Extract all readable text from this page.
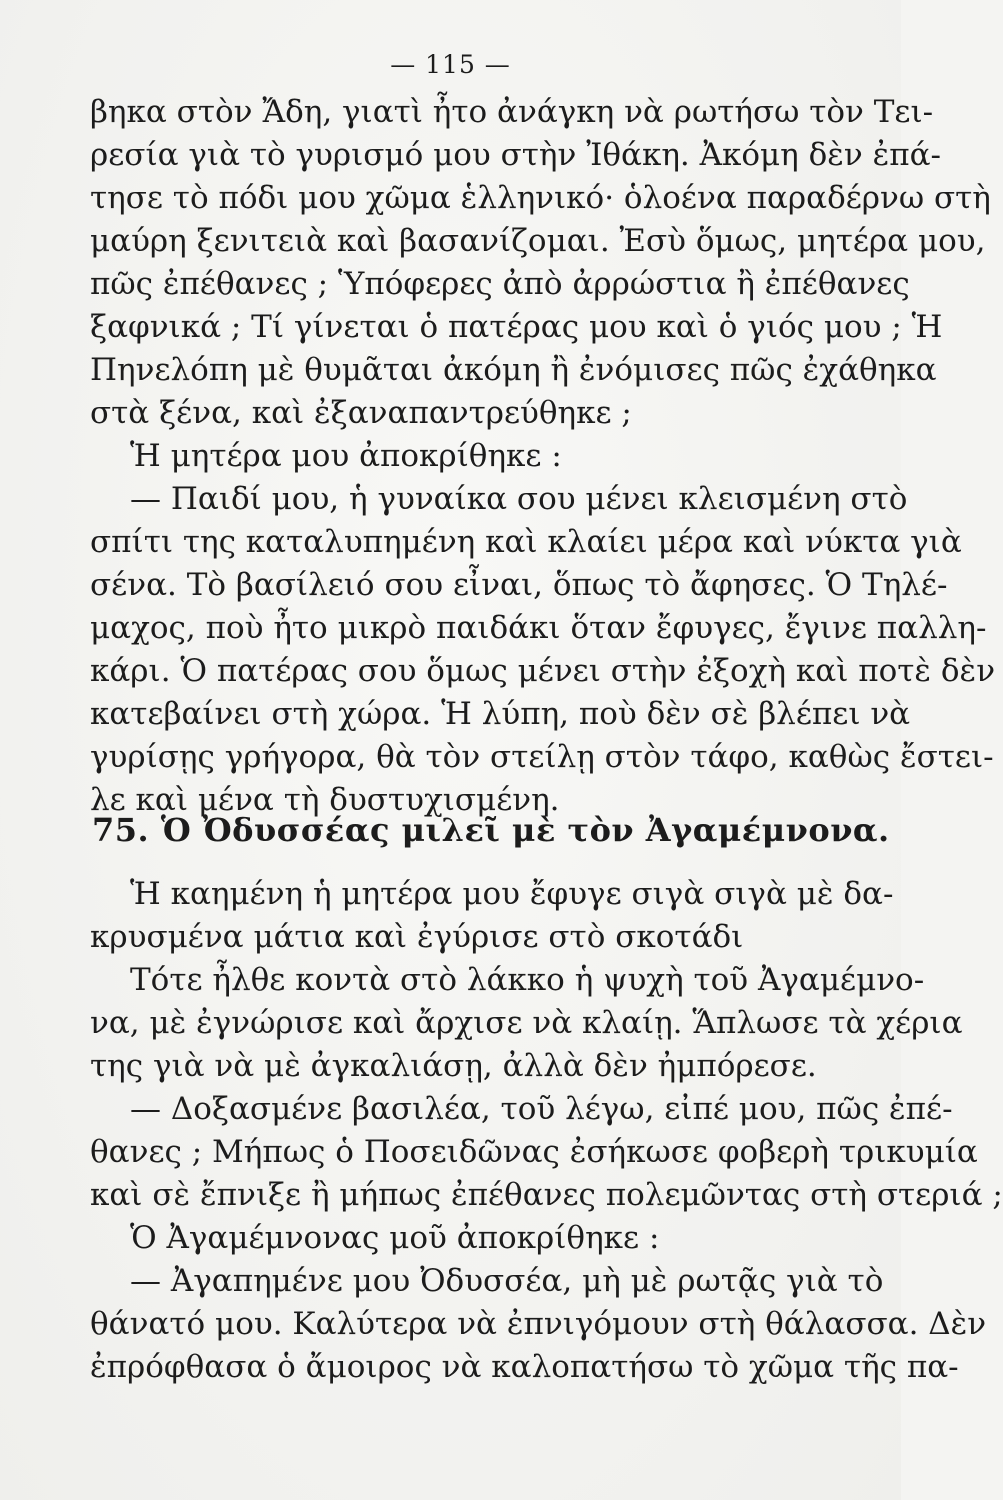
— 115 —
βηκα στὸν Ἄδη, γιατὶ ἦτο ἀνάγκη νὰ ρωτήσω τὸν Τει-
ρεσία γιὰ τὸ γυρισμό μου στὴν Ἰθάκη. Ἀκόμη δὲν ἐπά-
τησε τὸ πόδι μου χῶμα ἑλληνικό· ὁλοένα παραδέρνω στὴ
μαύρη ξενιτειὰ καὶ βασανίζομαι. Ἐσὺ ὅμως, μητέρα μου,
πῶς ἐπέθανες ; Ὑπόφερες ἀπὸ ἀρρώστια ἢ ἐπέθανες
ξαφνικά ; Τί γίνεται ὁ πατέρας μου καὶ ὁ γιός μου ; Ἡ
Πηνελόπη μὲ θυμᾶται ἀκόμη ἢ ἐνόμισες πῶς ἐχάθηκα
στὰ ξένα, καὶ ἐξαναπαντρεύθηκε ;
Ἡ μητέρα μου ἀποκρίθηκε :
— Παιδί μου, ἡ γυναίκα σου μένει κλεισμένη στὸ
σπίτι της καταλυπημένη καὶ κλαίει μέρα καὶ νύκτα γιὰ
σένα. Τὸ βασίλειό σου εἶναι, ὅπως τὸ ἄφησες. Ὁ Τηλέ-
μαχος, ποὺ ἦτο μικρὸ παιδάκι ὅταν ἔφυγες, ἔγινε παλλη-
κάρι. Ὁ πατέρας σου ὅμως μένει στὴν ἐξοχὴ καὶ ποτὲ δὲν
κατεβαίνει στὴ χώρα. Ἡ λύπη, ποὺ δὲν σὲ βλέπει νὰ
γυρίσῃς γρήγορα, θὰ τὸν στείλῃ στὸν τάφο, καθὼς ἔστει-
λε καὶ μένα τὴ δυστυχισμένη.
75. Ὁ Ὀδυσσέας μιλεῖ μὲ τὸν Ἀγαμέμνονα.
Ἡ καημένη ἡ μητέρα μου ἔφυγε σιγὰ σιγὰ μὲ δα-
κρυσμένα μάτια καὶ ἐγύρισε στὸ σκοτάδι
Τότε ἦλθε κοντὰ στὸ λάκκο ἡ ψυχὴ τοῦ Ἀγαμέμνο-
να, μὲ ἐγνώρισε καὶ ἄρχισε νὰ κλαίῃ. Ἅπλωσε τὰ χέρια
της γιὰ νὰ μὲ ἀγκαλιάσῃ, ἀλλὰ δὲν ἠμπόρεσε.
— Δοξασμένε βασιλέα, τοῦ λέγω, εἰπέ μου, πῶς ἐπέ-
θανες ; Μήπως ὁ Ποσειδῶνας ἐσήκωσε φοβερὴ τρικυμία
καὶ σὲ ἔπνιξε ἢ μήπως ἐπέθανες πολεμῶντας στὴ στεριά ;
Ὁ Ἀγαμέμνονας μοῦ ἀποκρίθηκε :
— Ἀγαπημένε μου Ὀδυσσέα, μὴ μὲ ρωτᾷς γιὰ τὸ
θάνατό μου. Καλύτερα νὰ ἐπνιγόμουν στὴ θάλασσα. Δὲν
ἐπρόφθασα ὁ ἄμοιρος νὰ καλοπατήσω τὸ χῶμα τῆς πα-
